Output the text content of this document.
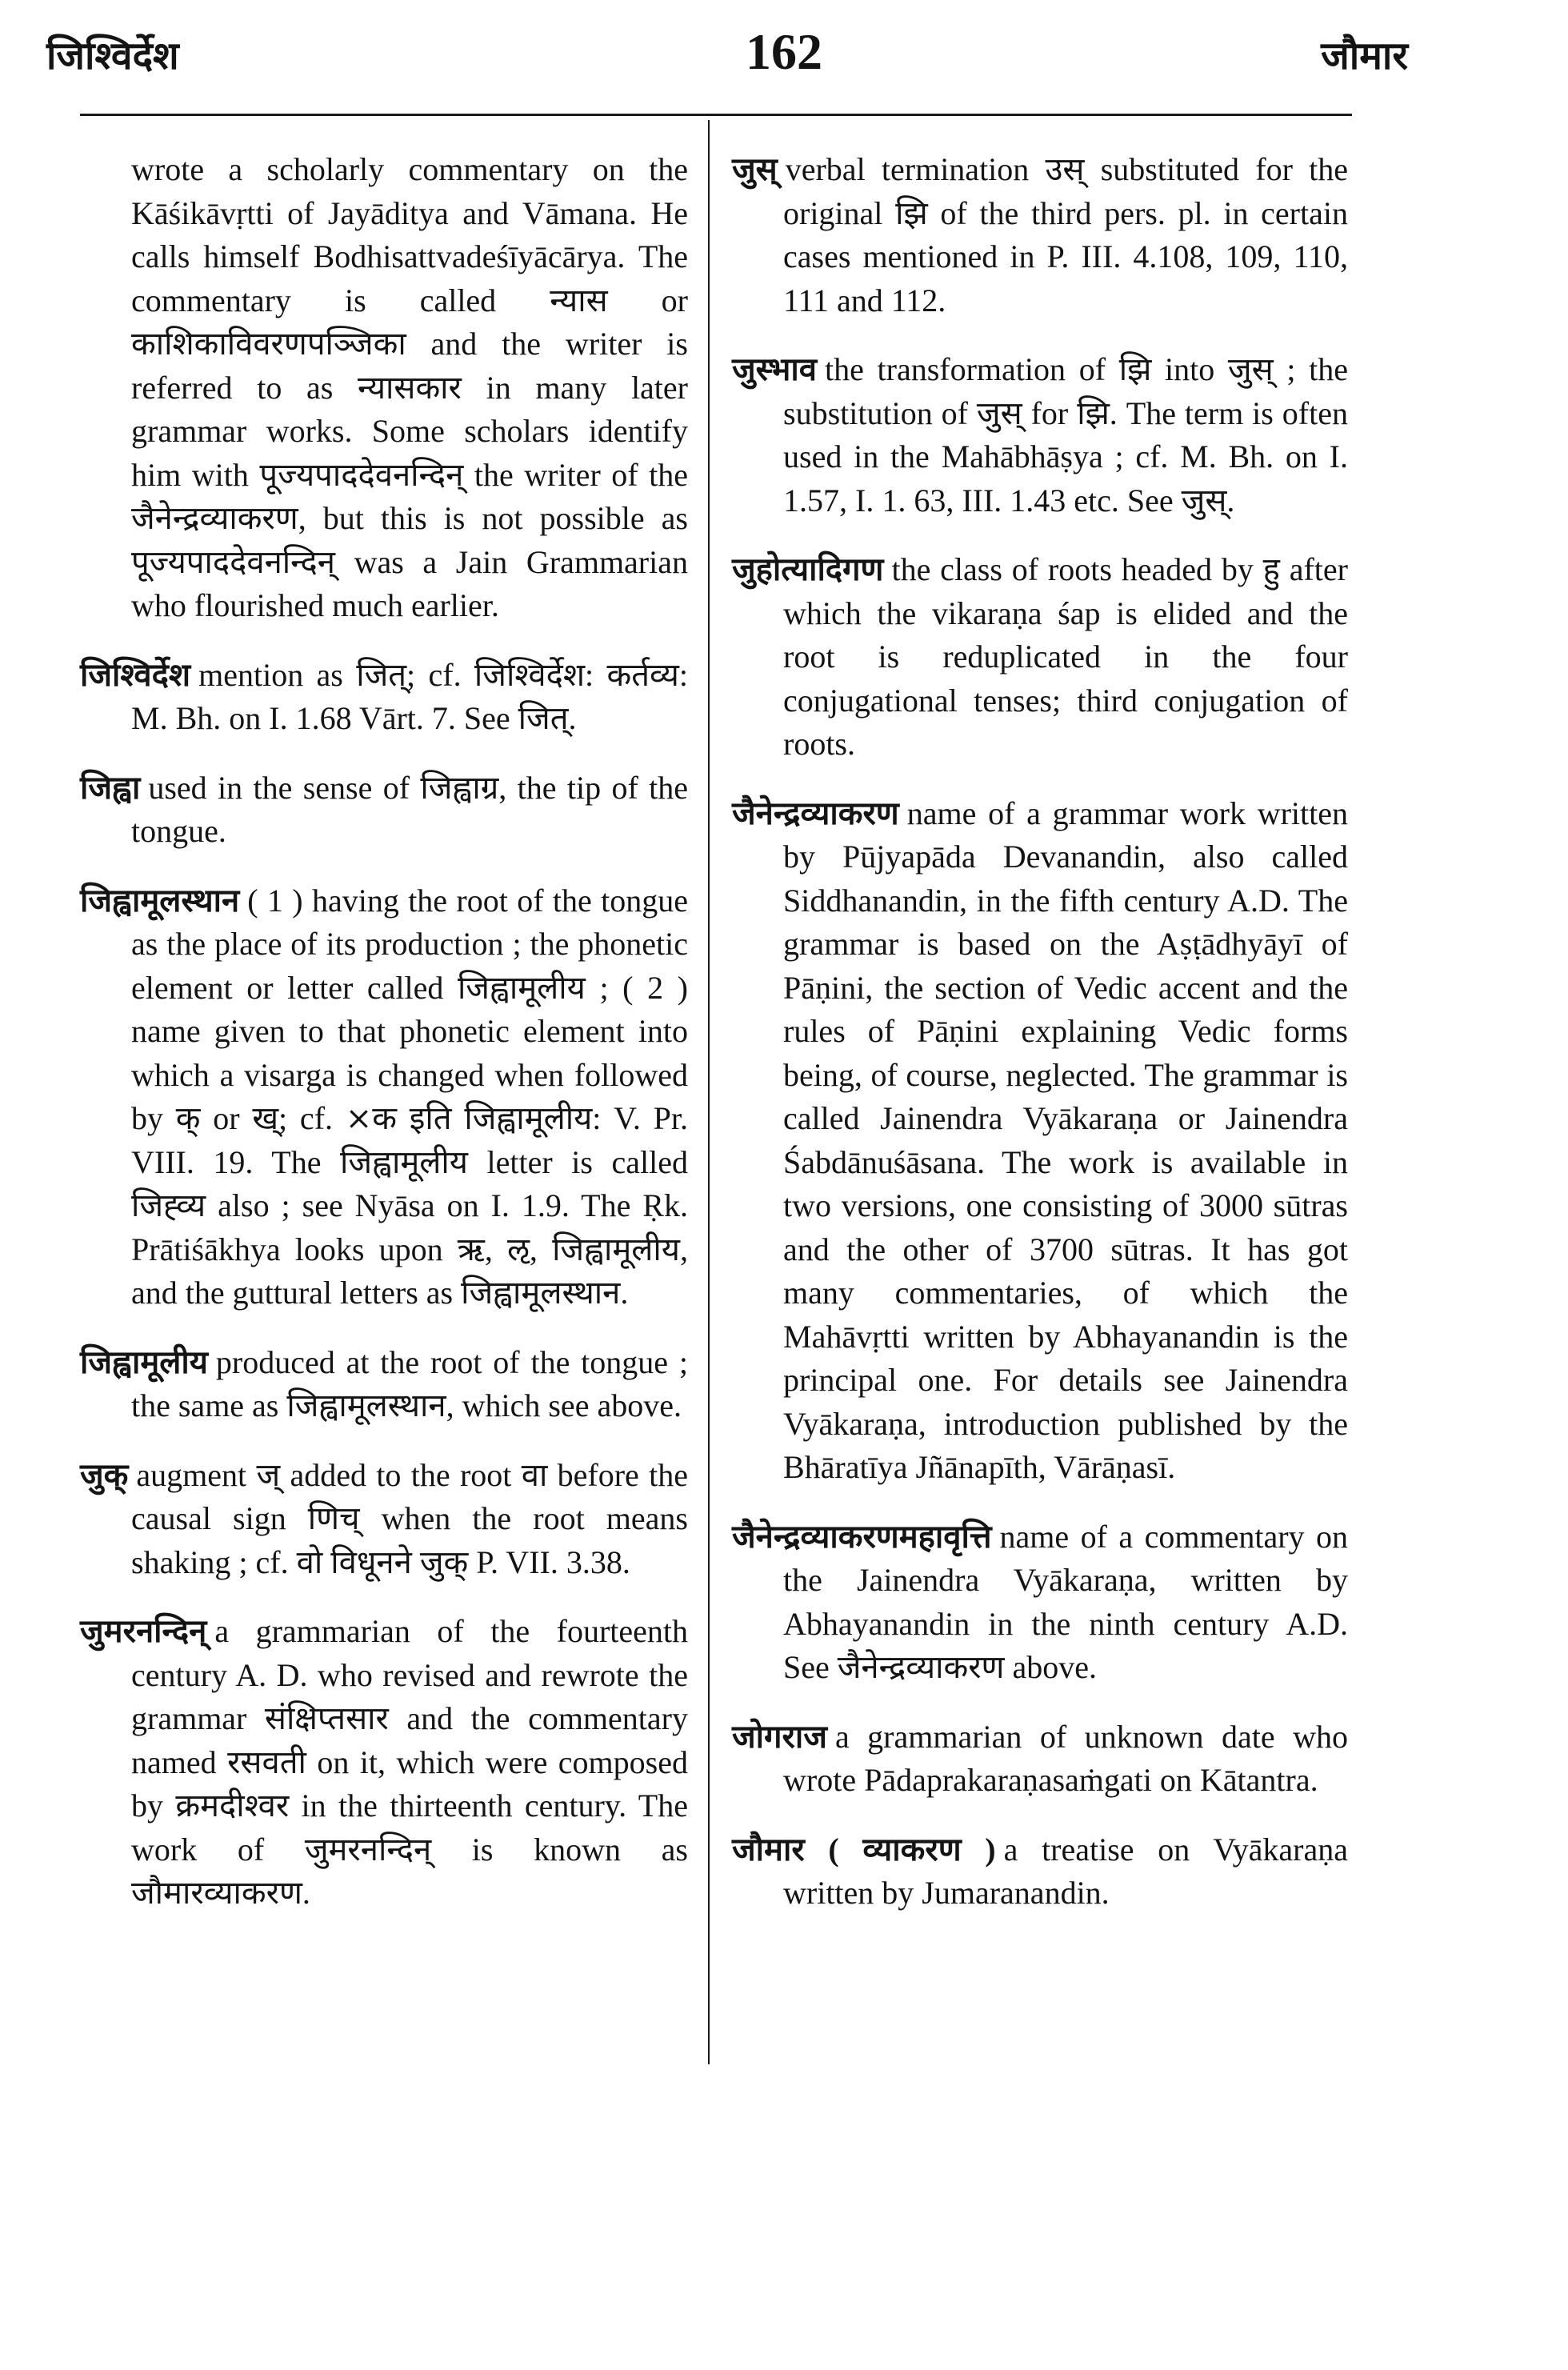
जिश्विर्देश	162	जौमार

wrote a scholarly commentary on the Kāśikāvṛtti of Jayāditya and Vāmana. He calls himself Bodhisattvadeśīyācārya. The commentary is called न्यास or काशिकाविवरणपञ्जिका and the writer is referred to as न्यासकार in many later grammar works. Some scholars identify him with पूज्यपाददेवनन्दिन् the writer of the जैनेन्द्रव्याकरण, but this is not possible as पूज्यपाददेवनन्दिन् was a Jain Grammarian who flourished much earlier.

जिश्विर्देश mention as जित्; cf. जिश्विर्देश: कर्तव्य: M. Bh. on I. 1.68 Vārt. 7. See जित्.

जिह्वा used in the sense of जिह्वाग्र, the tip of the tongue.

जिह्वामूलस्थान ( 1 ) having the root of the tongue as the place of its production ; the phonetic element or letter called जिह्वामूलीय ; ( 2 ) name given to that phonetic element into which a visarga is changed when followed by क् or ख्; cf. ⨯क इति जिह्वामूलीय: V. Pr. VIII. 19. The जिह्वामूलीय letter is called जिह्व्य also ; see Nyāsa on I. 1.9. The Ṛk. Prātiśākhya looks upon ऋ, ऌ, जिह्वामूलीय, and the guttural letters as जिह्वामूलस्थान.

जिह्वामूलीय produced at the root of the tongue ; the same as जिह्वामूलस्थान, which see above.

जुक् augment ज् added to the root वा before the causal sign णिच् when the root means shaking ; cf. वो विधूनने जुक् P. VII. 3.38.

जुमरनन्दिन् a grammarian of the fourteenth century A. D. who revised and rewrote the grammar संक्षिप्तसार and the commentary named रसवती on it, which were composed by क्रमदीश्वर in the thirteenth century. The work of जुमरनन्दिन् is known as जौमारव्याकरण.

जुस् verbal termination उस् substituted for the original झि of the third pers. pl. in certain cases mentioned in P. III. 4.108, 109, 110, 111 and 112.

जुस्भाव the transformation of झि into जुस् ; the substitution of जुस् for झि. The term is often used in the Mahābhāṣya ; cf. M. Bh. on I. 1.57, I. 1. 63, III. 1.43 etc. See जुस्.

जुहोत्यादिगण the class of roots headed by हु after which the vikaraṇa śap is elided and the root is reduplicated in the four conjugational tenses; third conjugation of roots.

जैनेन्द्रव्याकरण name of a grammar work written by Pūjyapāda Devanandin, also called Siddhanandin, in the fifth century A.D. The grammar is based on the Aṣṭādhyāyī of Pāṇini, the section of Vedic accent and the rules of Pāṇini explaining Vedic forms being, of course, neglected. The grammar is called Jainendra Vyākaraṇa or Jainendra Śabdānuśāsana. The work is available in two versions, one consisting of 3000 sūtras and the other of 3700 sūtras. It has got many commentaries, of which the Mahāvṛtti written by Abhayanandin is the principal one. For details see Jainendra Vyākaraṇa, introduction published by the Bhāratīya Jñānapīth, Vārāṇasī.

जैनेन्द्रव्याकरणमहावृत्ति name of a commentary on the Jainendra Vyākaraṇa, written by Abhayanandin in the ninth century A.D. See जैनेन्द्रव्याकरण above.

जोगराज a grammarian of unknown date who wrote Pādaprakaraṇasaṁgati on Kātantra.

जौमार ( व्याकरण ) a treatise on Vyākaraṇa written by Jumaranandin.
